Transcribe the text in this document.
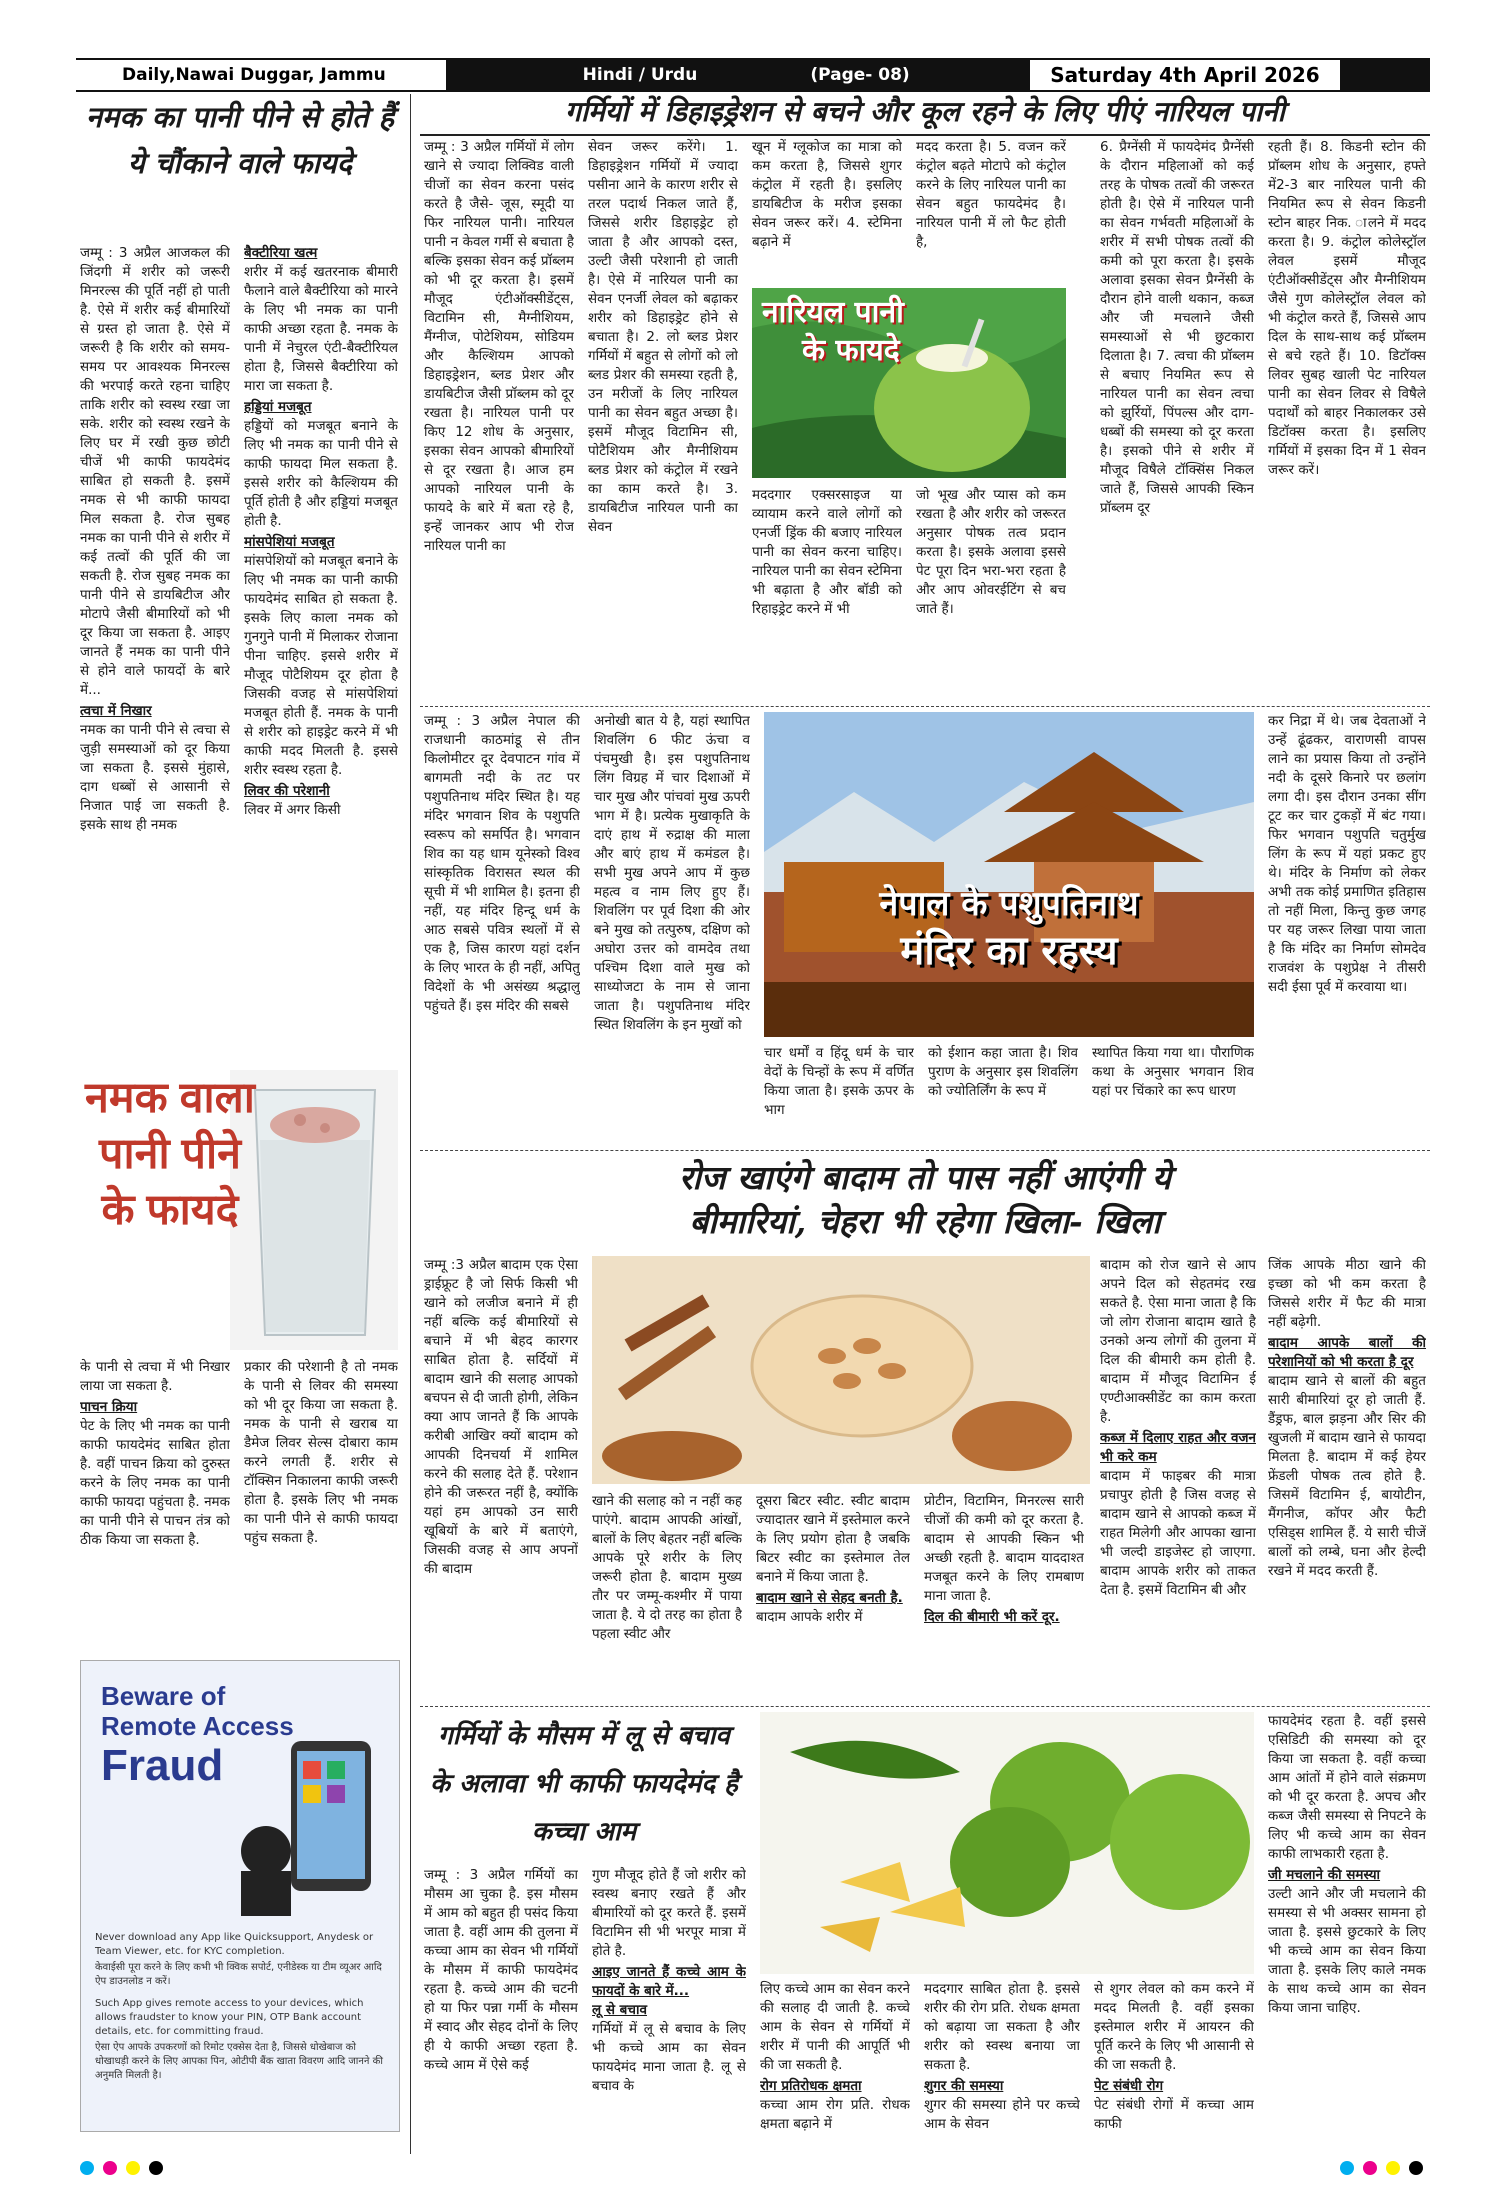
Daily,Nawai Duggar, Jammu	Hindi / Urdu	(Page- 08)	Saturday 4th April 2026
नमक का पानी पीने से होते हैं ये चौंकाने वाले फायदे

जम्मू : 3 अप्रैल आजकल की जिंदगी में शरीर को जरूरी मिनरल्स की पूर्ति नहीं हो पाती है. ऐसे में शरीर कई बीमारियों से ग्रस्त हो जाता है. ऐसे में जरूरी है कि शरीर को समय-समय पर आवश्यक मिनरल्स की भरपाई करते रहना चाहिए ताकि शरीर को स्वस्थ रखा जा सके. शरीर को स्वस्थ रखने के लिए घर में रखी कुछ छोटी चीजें भी काफी फायदेमंद साबित हो सकती है. इसमें नमक से भी काफी फायदा मिल सकता है. रोज सुबह नमक का पानी पीने से शरीर में कई तत्वों की पूर्ति की जा सकती है. रोज सुबह नमक का पानी पीने से डायबिटीज और मोटापे जैसी बीमारियों को भी दूर किया जा सकता है. आइए जानते हैं नमक का पानी पीने से होने वाले फायदों के बारे में...

त्वचा में निखार

नमक का पानी पीने से त्वचा से जुड़ी समस्याओं को दूर किया जा सकता है. इससे मुंहासे, दाग धब्बों से आसानी से निजात पाई जा सकती है. इसके साथ ही नमक

बैक्टीरिया खत्म

शरीर में कई खतरनाक बीमारी फैलाने वाले बैक्टीरिया को मारने के लिए भी नमक का पानी काफी अच्छा रहता है. नमक के पानी में नेचुरल एंटी-बैक्टीरियल होता है, जिससे बैक्टीरिया को मारा जा सकता है.

हड्डियां मजबूत

हड्डियों को मजबूत बनाने के लिए भी नमक का पानी पीने से काफी फायदा मिल सकता है. इससे शरीर को कैल्शियम की पूर्ति होती है और हड्डियां मजबूत होती है.

मांसपेशियां मजबूत

मांसपेशियों को मजबूत बनाने के लिए भी नमक का पानी काफी फायदेमंद साबित हो सकता है. इसके लिए काला नमक को गुनगुने पानी में मिलाकर रोजाना पीना चाहिए. इससे शरीर में मौजूद पोटैशियम दूर होता है जिसकी वजह से मांसपेशियां मजबूत होती हैं. नमक के पानी से शरीर को हाइड्रेट करने में भी काफी मदद मिलती है. इससे शरीर स्वस्थ रहता है.

लिवर की परेशानी

लिवर में अगर किसी

नमक वाला पानी पीने के फायदे

के पानी से त्वचा में भी निखार लाया जा सकता है.

पाचन क्रिया

पेट के लिए भी नमक का पानी काफी फायदेमंद साबित होता है. वहीं पाचन क्रिया को दुरुस्त करने के लिए नमक का पानी काफी फायदा पहुंचता है. नमक का पानी पीने से पाचन तंत्र को ठीक किया जा सकता है.

प्रकार की परेशानी है तो नमक के पानी से लिवर की समस्या को भी दूर किया जा सकता है. नमक के पानी से खराब या डैमेज लिवर सेल्स दोबारा काम करने लगती हैं. शरीर से टॉक्सिन निकालना काफी जरूरी होता है. इसके लिए भी नमक का पानी पीने से काफी फायदा पहुंच सकता है.

Beware of
Remote Access
Fraud

Never download any App like Quicksupport, Anydesk or Team Viewer, etc. for KYC completion.

केवाईसी पूरा करने के लिए कभी भी क्विक सपोर्ट, एनीडेस्क या टीम व्यूअर आदि ऐप डाउनलोड न करें।

Such App gives remote access to your devices, which allows fraudster to know your PIN, OTP Bank account details, etc. for committing fraud.

ऐसा ऐप आपके उपकरणों को रिमोट एक्सेस देता है, जिससे धोखेबाज को धोखाधड़ी करने के लिए आपका पिन, ओटीपी बैंक खाता विवरण आदि जानने की अनुमति मिलती है।

गर्मियों में डिहाइड्रेशन से बचने और कूल रहने के लिए पीएं नारियल पानी

जम्मू : 3 अप्रैल गर्मियों में लोग खाने से ज्यादा लिक्विड वाली चीजों का सेवन करना पसंद करते है जैसे- जूस, स्मूदी या फिर नारियल पानी। नारियल पानी न केवल गर्मी से बचाता है बल्कि इसका सेवन कई प्रॉब्लम को भी दूर करता है। इसमें मौजूद एंटीऑक्सीडेंट्स, विटामिन सी, मैग्नीशियम, मैंग्नीज, पोटेशियम, सोडियम और कैल्शियम आपको डिहाइड्रेशन, ब्लड प्रेशर और डायबिटीज जैसी प्रॉब्लम को दूर रखता है। नारियल पानी पर किए 12 शोध के अनुसार, इसका सेवन आपको बीमारियों से दूर रखता है। आज हम आपको नारियल पानी के फायदे के बारे में बता रहे है, इन्हें जानकर आप भी रोज नारियल पानी का

सेवन जरूर करेंगे। 1. डिहाइड्रेशन गर्मियों में ज्यादा पसीना आने के कारण शरीर से तरल पदार्थ निकल जाते हैं, जिससे शरीर डिहाइड्रेट हो जाता है और आपको दस्त, उल्टी जैसी परेशानी हो जाती है। ऐसे में नारियल पानी का सेवन एनर्जी लेवल को बढ़ाकर शरीर को डिहाइड्रेट होने से बचाता है। 2. लो ब्लड प्रेशर गर्मियों में बहुत से लोगों को लो ब्लड प्रेशर की समस्या रहती है, उन मरीजों के लिए नारियल पानी का सेवन बहुत अच्छा है। इसमें मौजूद विटामिन सी, पोटैशियम और मैग्नीशियम ब्लड प्रेशर को कंट्रोल में रखने का काम करते है। 3. डायबिटीज नारियल पानी का सेवन

खून में ग्लूकोज का मात्रा को कम करता है, जिससे शुगर कंट्रोल में रहती है। इसलिए डायबिटीज के मरीज इसका सेवन जरूर करें। 4. स्टेमिना बढ़ाने में

मदद करता है। 5. वजन करें कंट्रोल बढ़ते मोटापे को कंट्रोल करने के लिए नारियल पानी का सेवन बहुत फायदेमंद है। नारियल पानी में लो फैट होती है,

नारियल पानी
के फायदे

मददगार एक्सरसाइज या व्यायाम करने वाले लोगों को एनर्जी ड्रिंक की बजाए नारियल पानी का सेवन करना चाहिए। नारियल पानी का सेवन स्टेमिना भी बढ़ाता है और बॉडी को रिहाइड्रेट करने में भी

जो भूख और प्यास को कम रखता है और शरीर को जरूरत अनुसार पोषक तत्व प्रदान करता है। इसके अलावा इससे पेट पूरा दिन भरा-भरा रहता है और आप ओवरईटिंग से बच जाते हैं।

6. प्रैग्नेंसी में फायदेमंद प्रैग्नेंसी के दौरान महिलाओं को कई तरह के पोषक तत्वों की जरूरत होती है। ऐसे में नारियल पानी का सेवन गर्भवती महिलाओं के शरीर में सभी पोषक तत्वों की कमी को पूरा करता है। इसके अलावा इसका सेवन प्रैग्नेंसी के दौरान होने वाली थकान, कब्ज और जी मचलाने जैसी समस्याओं से भी छुटकारा दिलाता है। 7. त्वचा की प्रॉब्लम से बचाए नियमित रूप से नारियल पानी का सेवन त्वचा को झुर्रियों, पिंपल्स और दाग-धब्बों की समस्या को दूर करता है। इसको पीने से शरीर में मौजूद विषैले टॉक्सिंस निकल जाते हैं, जिससे आपकी स्किन प्रॉब्लम दूर

रहती हैं। 8. किडनी स्टोन की प्रॉब्लम शोध के अनुसार, हफ्ते में2-3 बार नारियल पानी की नियमित रूप से सेवन किडनी स्टोन बाहर निक. ालने में मदद करता है। 9. कंट्रोल कोलेस्ट्रॉल लेवल इसमें मौजूद एंटीऑक्सीडेंट्स और मैग्नीशियम जैसे गुण कोलेस्ट्रॉल लेवल को भी कंट्रोल करते हैं, जिससे आप दिल के साथ-साथ कई प्रॉब्लम से बचे रहते हैं। 10. डिटॉक्स लिवर सुबह खाली पेट नारियल पानी का सेवन लिवर से विषैले पदार्थों को बाहर निकालकर उसे डिटॉक्स करता है। इसलिए गर्मियों में इसका दिन में 1 सेवन जरूर करें।

जम्मू : 3 अप्रैल नेपाल की राजधानी काठमांडू से तीन किलोमीटर दूर देवपाटन गांव में बागमती नदी के तट पर पशुपतिनाथ मंदिर स्थित है। यह मंदिर भगवान शिव के पशुपति स्वरूप को समर्पित है। भगवान शिव का यह धाम यूनेस्को विश्व सांस्कृतिक विरासत स्थल की सूची में भी शामिल है। इतना ही नहीं, यह मंदिर हिन्दू धर्म के आठ सबसे पवित्र स्थलों में से एक है, जिस कारण यहां दर्शन के लिए भारत के ही नहीं, अपितु विदेशों के भी असंख्य श्रद्धालु पहुंचते हैं। इस मंदिर की सबसे

अनोखी बात ये है, यहां स्थापित शिवलिंग 6 फीट ऊंचा व पंचमुखी है। इस पशुपतिनाथ लिंग विग्रह में चार दिशाओं में चार मुख और पांचवां मुख ऊपरी भाग में है। प्रत्येक मुखाकृति के दाएं हाथ में रुद्राक्ष की माला और बाएं हाथ में कमंडल है। सभी मुख अपने आप में कुछ महत्व व नाम लिए हुए हैं। शिवलिंग पर पूर्व दिशा की ओर बने मुख को तत्पुरुष, दक्षिण को अघोरा उत्तर को वामदेव तथा पश्चिम दिशा वाले मुख को साध्योजटा के नाम से जाना जाता है। पशुपतिनाथ मंदिर स्थित शिवलिंग के इन मुखों को

नेपाल के पशुपतिनाथ
मंदिर का रहस्य

चार धर्मों व हिंदू धर्म के चार वेदों के चिन्हों के रूप में वर्णित किया जाता है। इसके ऊपर के भाग

को ईशान कहा जाता है। शिव पुराण के अनुसार इस शिवलिंग को ज्योतिर्लिंग के रूप में

स्थापित किया गया था। पौराणिक कथा के अनुसार भगवान शिव यहां पर चिंकारे का रूप धारण

कर निद्रा में थे। जब देवताओं ने उन्हें ढूंढकर, वाराणसी वापस लाने का प्रयास किया तो उन्होंने नदी के दूसरे किनारे पर छलांग लगा दी। इस दौरान उनका सींग टूट कर चार टुकड़ों में बंट गया। फिर भगवान पशुपति चतुर्मुख लिंग के रूप में यहां प्रकट हुए थे। मंदिर के निर्माण को लेकर अभी तक कोई प्रमाणित इतिहास तो नहीं मिला, किन्तु कुछ जगह पर यह जरूर लिखा पाया जाता है कि मंदिर का निर्माण सोमदेव राजवंश के पशुप्रेक्ष ने तीसरी सदी ईसा पूर्व में करवाया था।

रोज खाएंगे बादाम तो पास नहीं आएंगी ये
बीमारियां, चेहरा भी रहेगा खिला- खिला

जम्मू :3 अप्रैल बादाम एक ऐसा ड्राईफ्रूट है जो सिर्फ किसी भी खाने को लजीज बनाने में ही नहीं बल्कि कई बीमारियों से बचाने में भी बेहद कारगर साबित होता है. सर्दियों में बादाम खाने की सलाह आपको बचपन से दी जाती होगी, लेकिन क्या आप जानते हैं कि आपके करीबी आखिर क्यों बादाम को आपकी दिनचर्या में शामिल करने की सलाह देते हैं. परेशान होने की जरूरत नहीं है, क्योंकि यहां हम आपको उन सारी खूबियों के बारे में बताएंगे, जिसकी वजह से आप अपनों की बादाम

खाने की सलाह को न नहीं कह पाएंगे. बादाम आपकी आंखों, बालों के लिए बेहतर नहीं बल्कि आपके पूरे शरीर के लिए जरूरी होता है. बादाम मुख्य तौर पर जम्मू-कश्मीर में पाया जाता है. ये दो तरह का होता है पहला स्वीट और

दूसरा बिटर स्वीट. स्वीट बादाम ज्यादातर खाने में इस्तेमाल करने के लिए प्रयोग होता है जबकि बिटर स्वीट का इस्तेमाल तेल बनाने में किया जाता है.

बादाम खाने से सेहद बनती है.

बादाम आपके शरीर में

प्रोटीन, विटामिन, मिनरल्स सारी चीजों की कमी को दूर करता है. बादाम से आपकी स्किन भी अच्छी रहती है. बादाम याददाश्त मजबूत करने के लिए रामबाण माना जाता है.

दिल की बीमारी भी करें दूर.

बादाम को रोज खाने से आप अपने दिल को सेहतमंद रख सकते है. ऐसा माना जाता है कि जो लोग रोजाना बादाम खाते है उनको अन्य लोगों की तुलना में दिल की बीमारी कम होती है. बादाम में मौजूद विटामिन ई एण्टीआक्सीडेंट का काम करता है.

कब्ज में दिलाए राहत और वजन भी करे कम

बादाम में फाइबर की मात्रा प्रचापुर होती है जिस वजह से बादाम खाने से आपको कब्ज में राहत मिलेगी और आपका खाना भी जल्दी डाइजेस्ट हो जाएगा. बादाम आपके शरीर को ताकत देता है. इसमें विटामिन बी और

जिंक आपके मीठा खाने की इच्छा को भी कम करता है जिससे शरीर में फैट की मात्रा नहीं बढ़ेगी.

बादाम आपके बालों की परेशानियों को भी करता है दूर

बादाम खाने से बालों की बहुत सारी बीमारियां दूर हो जाती हैं. डैंड्रफ, बाल झड़ना और सिर की खुजली में बादाम खाने से फायदा मिलता है. बादाम में कई हेयर फ्रेंडली पोषक तत्व होते है. जिसमें विटामिन ई, बायोटीन, मैंगनीज, कॉपर और फैटी एसिड्स शामिल हैं. ये सारी चीजें बालों को लम्बे, घना और हेल्दी रखने में मदद करती हैं.

गर्मियों के मौसम में लू से बचाव के अलावा भी काफी फायदेमंद है कच्चा आम

जम्मू : 3 अप्रैल गर्मियों का मौसम आ चुका है. इस मौसम में आम को बहुत ही पसंद किया जाता है. वहीं आम की तुलना में कच्चा आम का सेवन भी गर्मियों के मौसम में काफी फायदेमंद रहता है. कच्चे आम की चटनी हो या फिर पन्ना गर्मी के मौसम में स्वाद और सेहद दोनों के लिए ही ये काफी अच्छा रहता है. कच्चे आम में ऐसे कई

गुण मौजूद होते हैं जो शरीर को स्वस्थ बनाए रखते हैं और बीमारियों को दूर करते हैं. इसमें विटामिन सी भी भरपूर मात्रा में होते है.

आइए जानते हैं कच्चे आम के फायदों के बारे में...
लू से बचाव

गर्मियों में लू से बचाव के लिए भी कच्चे आम का सेवन फायदेमंद माना जाता है. लू से बचाव के

लिए कच्चे आम का सेवन करने की सलाह दी जाती है. कच्चे आम के सेवन से गर्मियों में शरीर में पानी की आपूर्ति भी की जा सकती है.

रोग प्रतिरोधक क्षमता

कच्चा आम रोग प्रति. रोधक क्षमता बढ़ाने में

मददगार साबित होता है. इससे शरीर की रोग प्रति. रोधक क्षमता को बढ़ाया जा सकता है और शरीर को स्वस्थ बनाया जा सकता है.

शुगर की समस्या

शुगर की समस्या होने पर कच्चे आम के सेवन

से शुगर लेवल को कम करने में मदद मिलती है. वहीं इसका इस्तेमाल शरीर में आयरन की पूर्ति करने के लिए भी आसानी से की जा सकती है.

पेट संबंधी रोग

पेट संबंधी रोगों में कच्चा आम काफी

फायदेमंद रहता है. वहीं इससे एसिडिटी की समस्या को दूर किया जा सकता है. वहीं कच्चा आम आंतों में होने वाले संक्रमण को भी दूर करता है. अपच और कब्ज जैसी समस्या से निपटने के लिए भी कच्चे आम का सेवन काफी लाभकारी रहता है.

जी मचलाने की समस्या

उल्टी आने और जी मचलाने की समस्या से भी अक्सर सामना हो जाता है. इससे छुटकारे के लिए भी कच्चे आम का सेवन किया जाता है. इसके लिए काले नमक के साथ कच्चे आम का सेवन किया जाना चाहिए.
